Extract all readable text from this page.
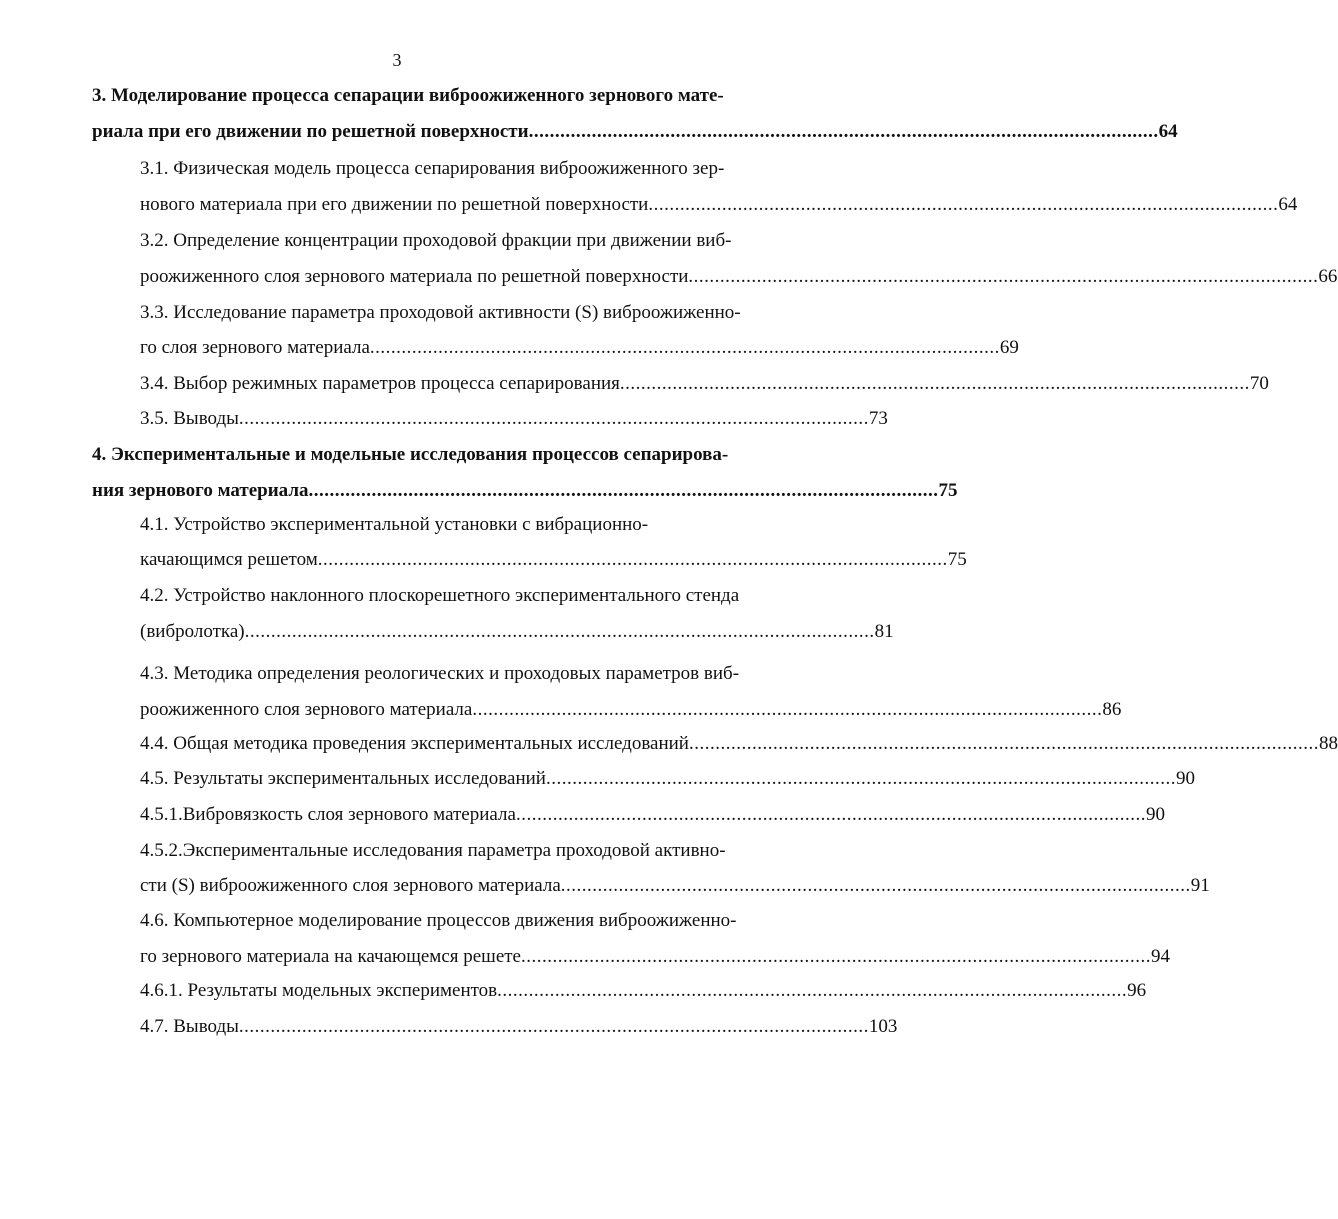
3
3. Моделирование процесса сепарации виброожиженного зернового мате-
риала при его движении по решетной поверхности ........................................................................................................................ 64
3.1. Физическая модель процесса сепарирования виброожиженного зер-
нового материала при его движении по решетной поверхности ........................................................................................................................ 64
3.2. Определение концентрации проходовой фракции при движении виб-
роожиженного слоя зернового материала по решетной поверхности ........................................................................................................................ 66
3.3. Исследование параметра проходовой активности (S) виброожиженно-
го слоя зернового материала ........................................................................................................................ 69
3.4. Выбор режимных параметров процесса сепарирования ........................................................................................................................ 70
3.5. Выводы ........................................................................................................................ 73
4. Экспериментальные и модельные исследования процессов сепарирова-
ния зернового материала ........................................................................................................................ 75
4.1. Устройство экспериментальной установки с вибрационно-
качающимся решетом ........................................................................................................................ 75
4.2. Устройство наклонного плоскорешетного экспериментального стенда
(вибролотка) ........................................................................................................................ 81
4.3. Методика определения реологических и проходовых параметров виб-
роожиженного слоя зернового материала ........................................................................................................................ 86
4.4. Общая методика проведения экспериментальных исследований ........................................................................................................................ 88
4.5. Результаты экспериментальных исследований ........................................................................................................................ 90
4.5.1.Вибровязкость слоя зернового материала ........................................................................................................................ 90
4.5.2.Экспериментальные исследования параметра проходовой активно-
сти (S) виброожиженного слоя зернового материала ........................................................................................................................ 91
4.6. Компьютерное моделирование процессов движения виброожиженно-
го зернового материала на качающемся решете ........................................................................................................................ 94
4.6.1. Результаты модельных экспериментов ........................................................................................................................ 96
4.7. Выводы ........................................................................................................................ 103
